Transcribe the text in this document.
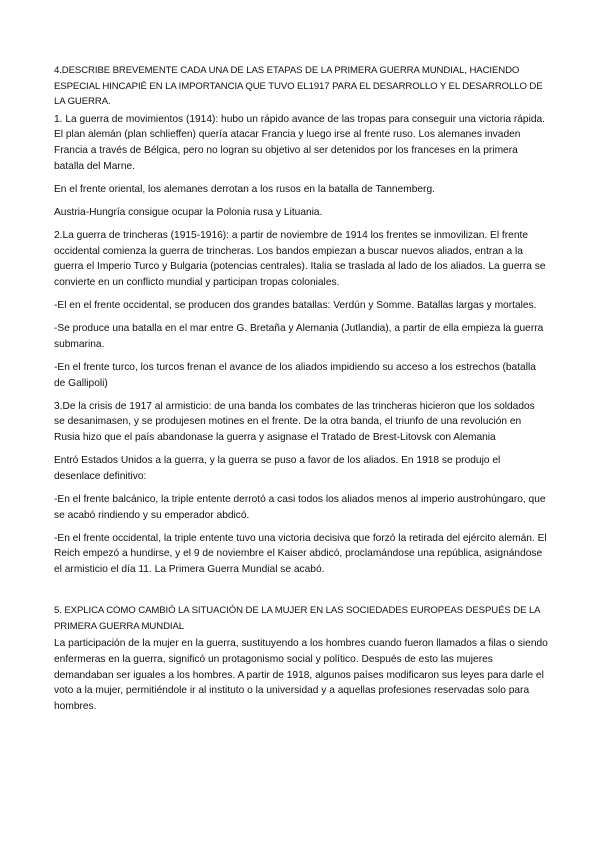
4.DESCRIBE BREVEMENTE CADA UNA DE LAS ETAPAS DE LA PRIMERA GUERRA MUNDIAL, HACIENDO ESPECIAL HINCAPIÉ EN LA IMPORTANCIA QUE TUVO EL1917 PARA EL DESARROLLO Y EL DESARROLLO DE LA GUERRA.

1. La guerra de movimientos (1914): hubo un rápido avance de las tropas para conseguir una victoria rápida. El plan alemán (plan schlieffen) quería atacar Francia y luego irse al frente ruso. Los alemanes invaden Francia a través de Bélgica, pero no logran su objetivo al ser detenidos por los franceses en la primera batalla del Marne.

En el frente oriental, los alemanes derrotan a los rusos en la batalla de Tannemberg.

Austria-Hungría consigue ocupar la Polonia rusa y Lituania.

2.La guerra de trincheras (1915-1916): a partir de noviembre de 1914 los frentes se inmovilizan. El frente occidental comienza la guerra de trincheras. Los bandos empiezan a buscar nuevos aliados, entran a la guerra el Imperio Turco y Bulgaria (potencias centrales). Italia se traslada al lado de los aliados. La guerra se convierte en un conflicto mundial y participan tropas coloniales.

-El en el frente occidental, se producen dos grandes batallas: Verdún y Somme. Batallas largas y mortales.

-Se produce una batalla en el mar entre G. Bretaña y Alemania (Jutlandia), a partir de ella empieza la guerra submarina.

-En el frente turco, los turcos frenan el avance de los aliados impidiendo su acceso a los estrechos (batalla de Gallipoli)

3.De la crisis de 1917 al armisticio: de una banda los combates de las trincheras hicieron que los soldados se desanimasen, y se produjesen motines en el frente. De la otra banda, el triunfo de una revolución en Rusia hizo que el país abandonase la guerra y asignase el Tratado de Brest-Litovsk con Alemania

Entró Estados Unidos a la guerra, y la guerra se puso a favor de los aliados. En 1918 se produjo el desenlace definitivo:

-En el frente balcánico, la triple entente derrotó a casi todos los aliados menos al imperio austrohúngaro, que se acabó rindiendo y su emperador abdicó.

-En el frente occidental, la triple entente tuvo una victoria decisiva que forzó la retirada del ejército alemán. El Reich empezó a hundirse, y el 9 de noviembre el Kaiser abdicó, proclamándose una república, asignándose el armisticio el día 11. La Primera Guerra Mundial se acabó.

5. EXPLICA COMO CAMBIÓ LA SITUACIÓN DE LA MUJER EN LAS SOCIEDADES EUROPEAS DESPUÉS DE LA PRIMERA GUERRA MUNDIAL

La participación de la mujer en la guerra, sustituyendo a los hombres cuando fueron llamados a filas o siendo enfermeras en la guerra, significó un protagonismo social y político. Después de esto las mujeres demandaban ser iguales a los hombres. A partir de 1918, algunos países modificaron sus leyes para darle el voto a la mujer, permitiéndole ir al instituto o la universidad y a aquellas profesiones reservadas solo para hombres.
